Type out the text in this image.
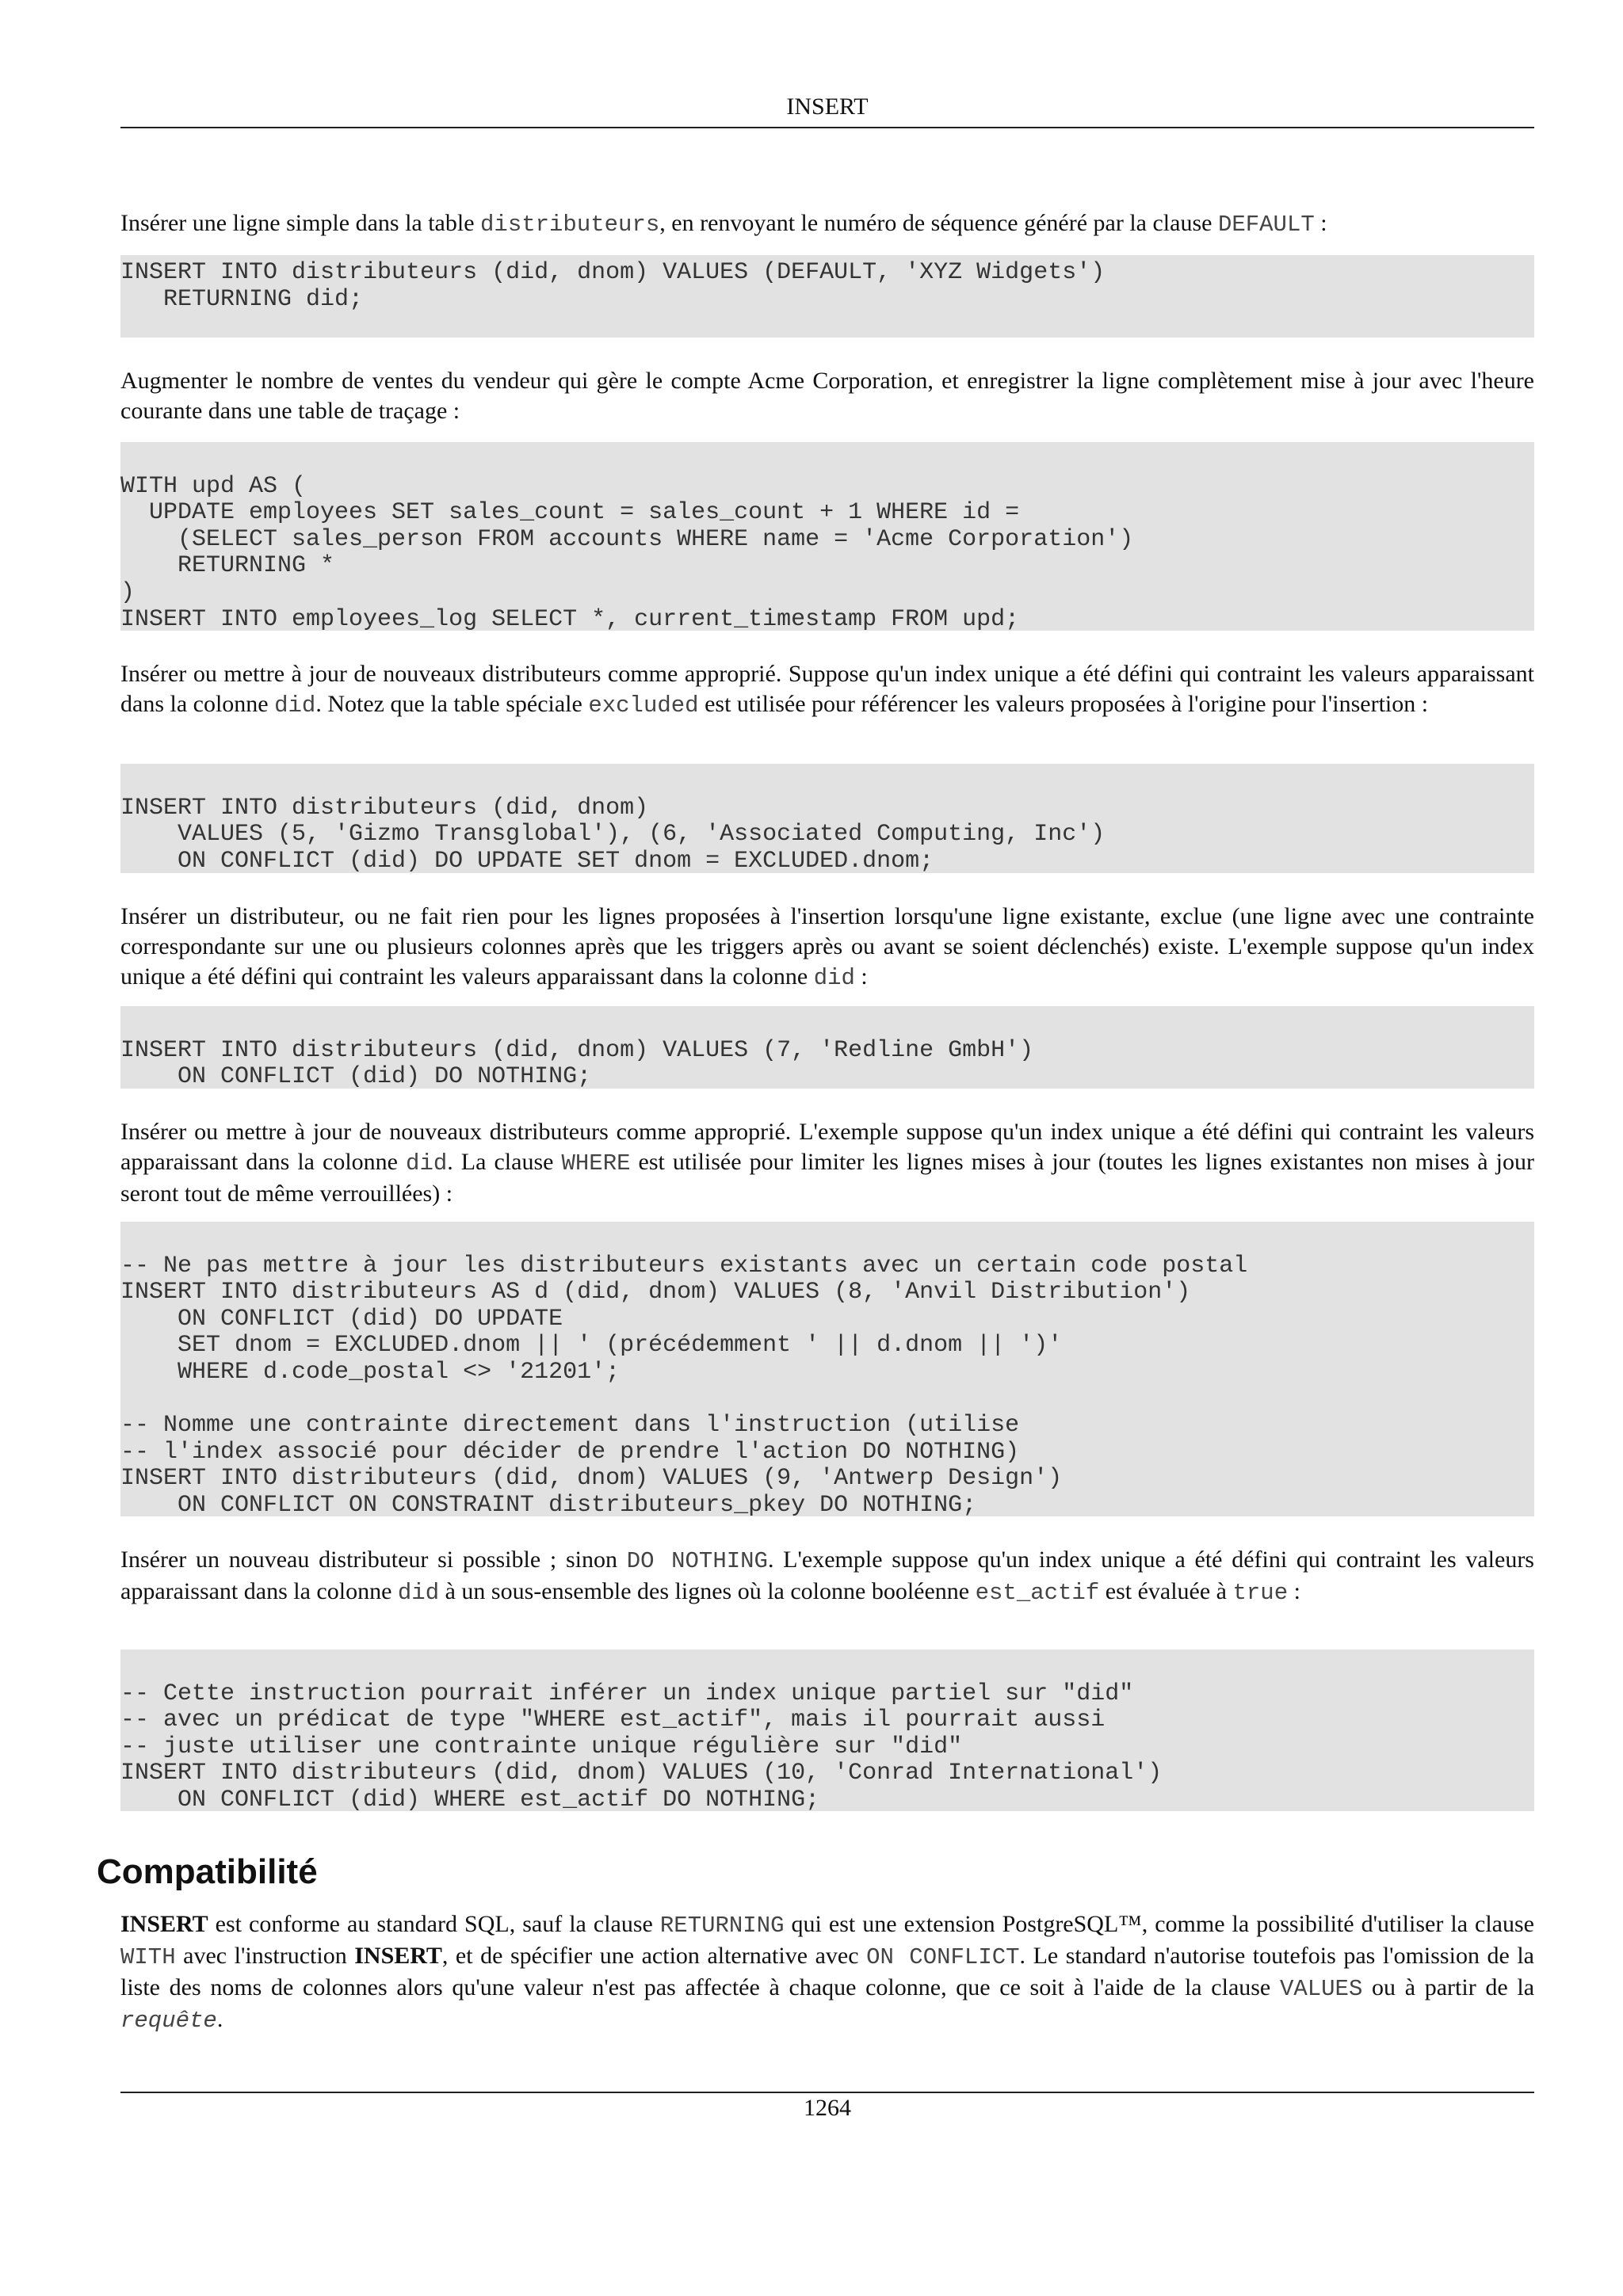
INSERT

Insérer une ligne simple dans la table distributeurs, en renvoyant le numéro de séquence généré par la clause DEFAULT :

INSERT INTO distributeurs (did, dnom) VALUES (DEFAULT, 'XYZ Widgets')
RETURNING did;

Augmenter le nombre de ventes du vendeur qui gère le compte Acme Corporation, et enregistrer la ligne complètement mise à jour avec l'heure courante dans une table de traçage :

WITH upd AS (
UPDATE employees SET sales_count = sales_count + 1 WHERE id =
(SELECT sales_person FROM accounts WHERE name = 'Acme Corporation')
RETURNING *
)
INSERT INTO employees_log SELECT *, current_timestamp FROM upd;

Insérer ou mettre à jour de nouveaux distributeurs comme approprié. Suppose qu'un index unique a été défini qui contraint les valeurs apparaissant dans la colonne did. Notez que la table spéciale excluded est utilisée pour référencer les valeurs proposées à l'origine pour l'insertion :

INSERT INTO distributeurs (did, dnom)
VALUES (5, 'Gizmo Transglobal'), (6, 'Associated Computing, Inc')
ON CONFLICT (did) DO UPDATE SET dnom = EXCLUDED.dnom;

Insérer un distributeur, ou ne fait rien pour les lignes proposées à l'insertion lorsqu'une ligne existante, exclue (une ligne avec une contrainte correspondante sur une ou plusieurs colonnes après que les triggers après ou avant se soient déclenchés) existe. L'exemple suppose qu'un index unique a été défini qui contraint les valeurs apparaissant dans la colonne did :

INSERT INTO distributeurs (did, dnom) VALUES (7, 'Redline GmbH')
ON CONFLICT (did) DO NOTHING;

Insérer ou mettre à jour de nouveaux distributeurs comme approprié. L'exemple suppose qu'un index unique a été défini qui contraint les valeurs apparaissant dans la colonne did. La clause WHERE est utilisée pour limiter les lignes mises à jour (toutes les lignes existantes non mises à jour seront tout de même verrouillées) :

-- Ne pas mettre à jour les distributeurs existants avec un certain code postal
INSERT INTO distributeurs AS d (did, dnom) VALUES (8, 'Anvil Distribution')
ON CONFLICT (did) DO UPDATE
SET dnom = EXCLUDED.dnom || ' (précédemment ' || d.dnom || ')'
WHERE d.code_postal <> '21201';

-- Nomme une contrainte directement dans l'instruction (utilise
-- l'index associé pour décider de prendre l'action DO NOTHING)
INSERT INTO distributeurs (did, dnom) VALUES (9, 'Antwerp Design')
ON CONFLICT ON CONSTRAINT distributeurs_pkey DO NOTHING;

Insérer un nouveau distributeur si possible ; sinon DO NOTHING. L'exemple suppose qu'un index unique a été défini qui contraint les valeurs apparaissant dans la colonne did à un sous-ensemble des lignes où la colonne booléenne est_actif est évaluée à true :

-- Cette instruction pourrait inférer un index unique partiel sur "did"
-- avec un prédicat de type "WHERE est_actif", mais il pourrait aussi
-- juste utiliser une contrainte unique régulière sur "did"
INSERT INTO distributeurs (did, dnom) VALUES (10, 'Conrad International')
ON CONFLICT (did) WHERE est_actif DO NOTHING;
Compatibilité

INSERT est conforme au standard SQL, sauf la clause RETURNING qui est une extension PostgreSQL™, comme la possibilité d'utiliser la clause WITH avec l'instruction INSERT, et de spécifier une action alternative avec ON CONFLICT. Le standard n'autorise toutefois pas l'omission de la liste des noms de colonnes alors qu'une valeur n'est pas affectée à chaque colonne, que ce soit à l'aide de la clause VALUES ou à partir de la requête.

1264
